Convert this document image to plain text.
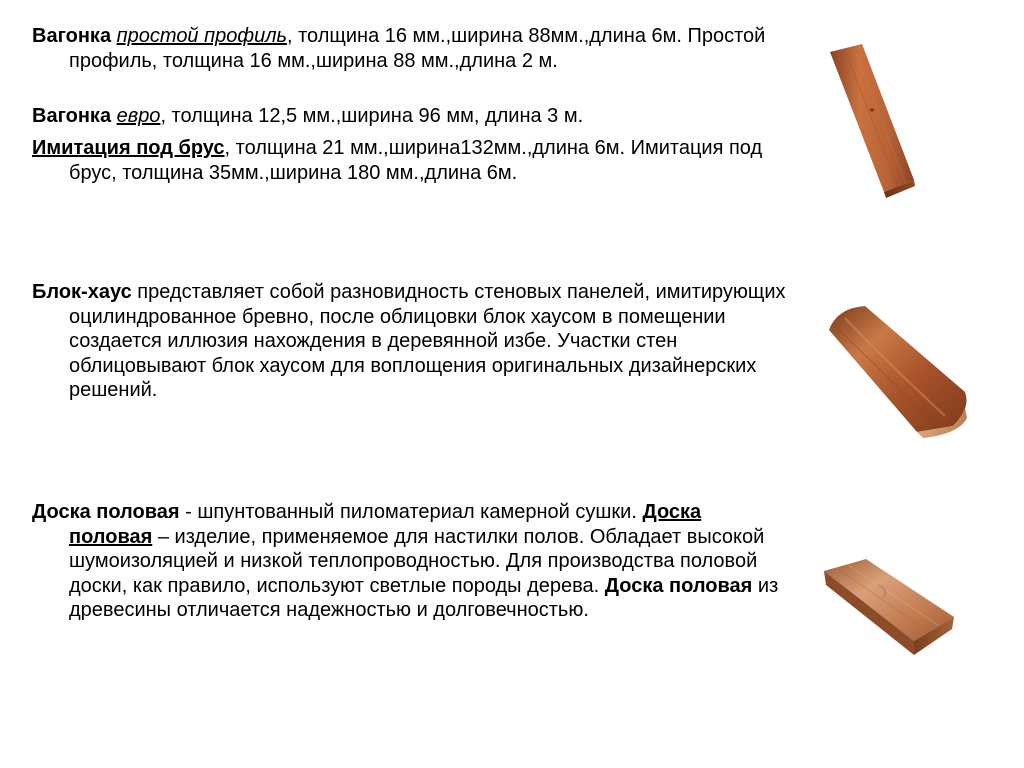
Вагонка простой профиль, толщина 16 мм.,ширина 88мм.,длина 6м. Простой профиль, толщина 16 мм.,ширина 88 мм.,длина 2 м.

Вагонка евро, толщина 12,5 мм.,ширина 96 мм, длина 3 м.

Имитация под брус, толщина 21 мм.,ширина132мм.,длина 6м. Имитация под брус, толщина 35мм.,ширина 180 мм.,длина 6м.

Блок-хаус представляет собой разновидность стеновых панелей, имитирующих оцилиндрованное бревно, после облицовки блок хаусом в помещении создается иллюзия нахождения в деревянной избе. Участки стен облицовывают блок хаусом для воплощения оригинальных дизайнерских решений.

Доска половая - шпунтованный пиломатериал камерной сушки. Доска половая – изделие, применяемое для настилки полов. Обладает высокой шумоизоляцией и низкой теплопроводностью. Для производства половой доски, как правило, используют светлые породы дерева. Доска половая из древесины отличается надежностью и долговечностью.
